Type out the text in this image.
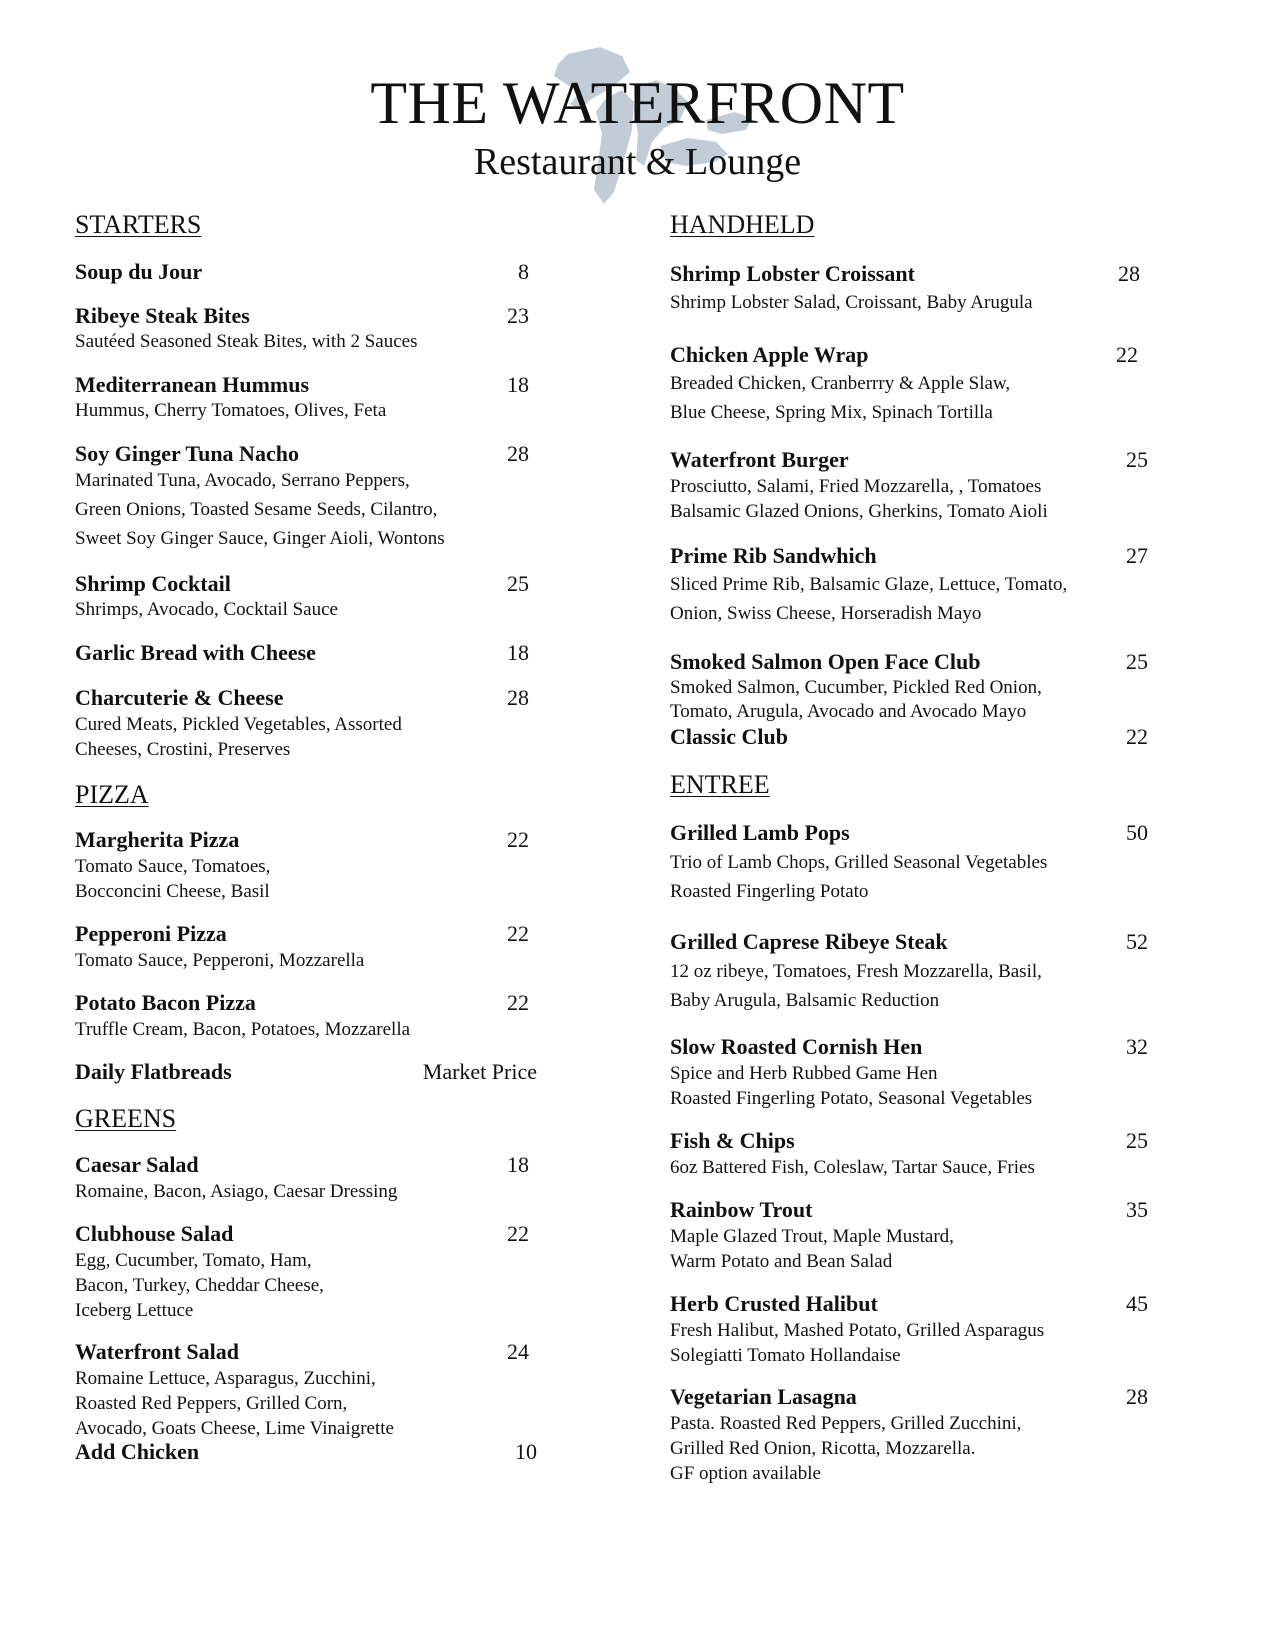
THE WATERFRONT
Restaurant & Lounge
STARTERS
Soup du Jour	8
Ribeye Steak Bites	23
Sautéed Seasoned Steak Bites, with 2 Sauces
Mediterranean Hummus	18
Hummus, Cherry Tomatoes, Olives, Feta
Soy Ginger Tuna Nacho	28
Marinated Tuna, Avocado, Serrano Peppers,
Green Onions, Toasted Sesame Seeds, Cilantro,
Sweet Soy Ginger Sauce, Ginger Aioli, Wontons
Shrimp Cocktail	25
Shrimps, Avocado, Cocktail Sauce
Garlic Bread with Cheese	18
Charcuterie & Cheese	28
Cured Meats, Pickled Vegetables, Assorted
Cheeses, Crostini, Preserves
PIZZA
Margherita Pizza	22
Tomato Sauce, Tomatoes,
Bocconcini Cheese, Basil
Pepperoni Pizza	22
Tomato Sauce, Pepperoni, Mozzarella
Potato Bacon Pizza	22
Truffle Cream, Bacon, Potatoes, Mozzarella
Daily Flatbreads	Market Price
GREENS
Caesar Salad	18
Romaine, Bacon, Asiago, Caesar Dressing
Clubhouse Salad	22
Egg, Cucumber, Tomato, Ham,
Bacon, Turkey, Cheddar Cheese,
Iceberg Lettuce
Waterfront Salad	24
Romaine Lettuce, Asparagus, Zucchini,
Roasted Red Peppers, Grilled Corn,
Avocado, Goats Cheese, Lime Vinaigrette
Add Chicken	10
HANDHELD
Shrimp Lobster Croissant	28
Shrimp Lobster Salad, Croissant, Baby Arugula
Chicken Apple Wrap	22
Breaded Chicken, Cranberrry & Apple Slaw,
Blue Cheese, Spring Mix, Spinach Tortilla
Waterfront Burger	25
Prosciutto, Salami, Fried Mozzarella, , Tomatoes
Balsamic Glazed Onions, Gherkins, Tomato Aioli
Prime Rib Sandwhich	27
Sliced Prime Rib, Balsamic Glaze, Lettuce, Tomato,
Onion, Swiss Cheese, Horseradish Mayo
Smoked Salmon Open Face Club	25
Smoked Salmon, Cucumber, Pickled Red Onion,
Tomato, Arugula, Avocado and Avocado Mayo
Classic Club	22
ENTREE
Grilled Lamb Pops	50
Trio of Lamb Chops, Grilled Seasonal Vegetables
Roasted Fingerling Potato
Grilled Caprese Ribeye Steak	52
12 oz ribeye, Tomatoes, Fresh Mozzarella, Basil,
Baby Arugula, Balsamic Reduction
Slow Roasted Cornish Hen	32
Spice and Herb Rubbed Game Hen
Roasted Fingerling Potato, Seasonal Vegetables
Fish & Chips	25
6oz Battered Fish, Coleslaw, Tartar Sauce, Fries
Rainbow Trout	35
Maple Glazed Trout, Maple Mustard,
Warm Potato and Bean Salad
Herb Crusted Halibut	45
Fresh Halibut, Mashed Potato, Grilled Asparagus
Solegiatti Tomato Hollandaise
Vegetarian Lasagna	28
Pasta. Roasted Red Peppers, Grilled Zucchini,
Grilled Red Onion, Ricotta, Mozzarella.
GF option available
